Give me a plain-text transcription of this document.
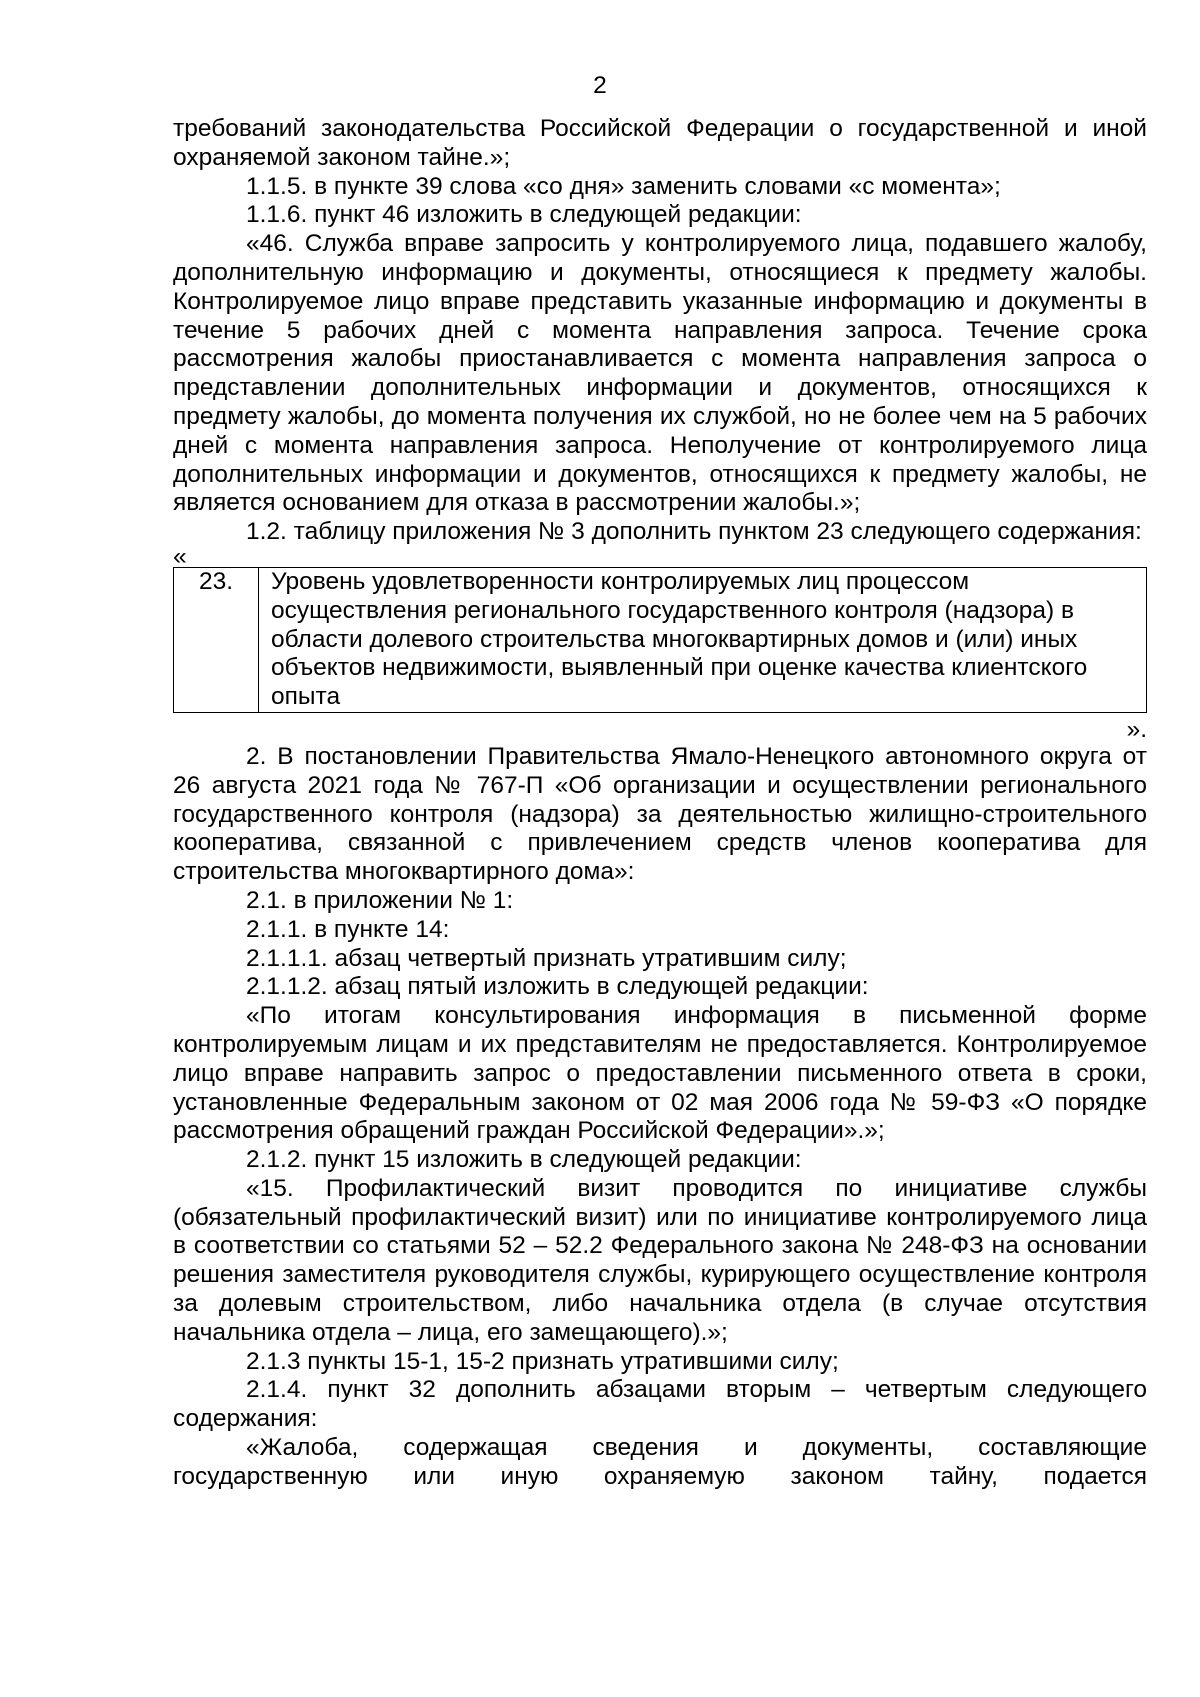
2

требований законодательства Российской Федерации о государственной и иной охраняемой законом тайне.»;

1.1.5. в пункте 39 слова «со дня» заменить словами «с момента»;

1.1.6. пункт 46 изложить в следующей редакции:

«46. Служба вправе запросить у контролируемого лица, подавшего жалобу, дополнительную информацию и документы, относящиеся к предмету жалобы. Контролируемое лицо вправе представить указанные информацию и документы в течение 5 рабочих дней с момента направления запроса. Течение срока рассмотрения жалобы приостанавливается с момента направления запроса о представлении дополнительных информации и документов, относящихся к предмету жалобы, до момента получения их службой, но не более чем на 5 рабочих дней с момента направления запроса. Неполучение от контролируемого лица дополнительных информации и документов, относящихся к предмету жалобы, не является основанием для отказа в рассмотрении жалобы.»;

1.2. таблицу приложения № 3 дополнить пунктом 23 следующего содержания:

«

23.	Уровень удовлетворенности контролируемых лиц процессом осуществления регионального государственного контроля (надзора) в области долевого строительства многоквартирных домов и (или) иных объектов недвижимости, выявленный при оценке качества клиентского опыта

».

2. В постановлении Правительства Ямало-Ненецкого автономного округа от 26 августа 2021 года № 767-П «Об организации и осуществлении регионального государственного контроля (надзора) за деятельностью жилищно-строительного кооператива, связанной с привлечением средств членов кооператива для строительства многоквартирного дома»:

2.1. в приложении № 1:

2.1.1. в пункте 14:

2.1.1.1. абзац четвертый признать утратившим силу;

2.1.1.2. абзац пятый изложить в следующей редакции:

«По итогам консультирования информация в письменной форме контролируемым лицам и их представителям не предоставляется. Контролируемое лицо вправе направить запрос о предоставлении письменного ответа в сроки, установленные Федеральным законом от 02 мая 2006 года № 59-ФЗ «О порядке рассмотрения обращений граждан Российской Федерации».»;

2.1.2. пункт 15 изложить в следующей редакции:

«15. Профилактический визит проводится по инициативе службы (обязательный профилактический визит) или по инициативе контролируемого лица в соответствии со статьями 52 – 52.2 Федерального закона № 248-ФЗ на основании решения заместителя руководителя службы, курирующего осуществление контроля за долевым строительством, либо начальника отдела (в случае отсутствия начальника отдела – лица, его замещающего).»;

2.1.3 пункты 15-1, 15-2 признать утратившими силу;

2.1.4. пункт 32 дополнить абзацами вторым – четвертым следующего содержания:

«Жалоба, содержащая сведения и документы, составляющие государственную или иную охраняемую законом тайну, подается
